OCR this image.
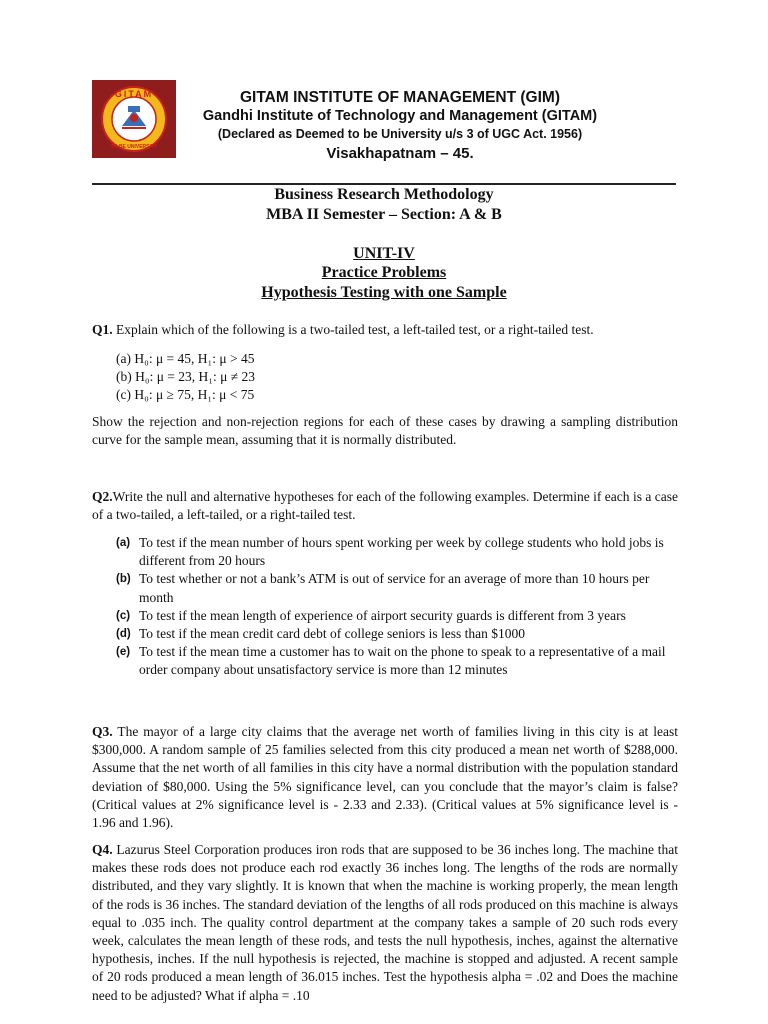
GITAM
TO BE UNIVERSITY
GITAM INSTITUTE OF MANAGEMENT (GIM)
Gandhi Institute of Technology and Management (GITAM)
(Declared as Deemed to be University u/s 3 of UGC Act. 1956)
Visakhapatnam – 45.
Business Research Methodology
MBA II Semester – Section: A & B
UNIT-IV
Practice Problems
Hypothesis Testing with one Sample
Q1. Explain which of the following is a two-tailed test, a left-tailed test, or a right-tailed test.
(a) H₀: μ = 45, H₁: μ > 45
(b) H₀: μ = 23, H₁: μ ≠ 23
(c) H₀: μ ≥ 75, H₁: μ < 75
Show the rejection and non-rejection regions for each of these cases by drawing a sampling distribution curve for the sample mean, assuming that it is normally distributed.
Q2.Write the null and alternative hypotheses for each of the following examples. Determine if each is a case of a two-tailed, a left-tailed, or a right-tailed test.
(a) To test if the mean number of hours spent working per week by college students who hold jobs is different from 20 hours
(b) To test whether or not a bank’s ATM is out of service for an average of more than 10 hours per month
(c) To test if the mean length of experience of airport security guards is different from 3 years
(d) To test if the mean credit card debt of college seniors is less than $1000
(e) To test if the mean time a customer has to wait on the phone to speak to a representative of a mail order company about unsatisfactory service is more than 12 minutes
Q3. The mayor of a large city claims that the average net worth of families living in this city is at least $300,000. A random sample of 25 families selected from this city produced a mean net worth of $288,000. Assume that the net worth of all families in this city have a normal distribution with the population standard deviation of $80,000. Using the 5% significance level, can you conclude that the mayor’s claim is false? (Critical values at 2% significance level is - 2.33 and 2.33). (Critical values at 5% significance level is - 1.96 and 1.96).
Q4. Lazurus Steel Corporation produces iron rods that are supposed to be 36 inches long. The machine that makes these rods does not produce each rod exactly 36 inches long. The lengths of the rods are normally distributed, and they vary slightly. It is known that when the machine is working properly, the mean length of the rods is 36 inches. The standard deviation of the lengths of all rods produced on this machine is always equal to .035 inch. The quality control department at the company takes a sample of 20 such rods every week, calculates the mean length of these rods, and tests the null hypothesis, inches, against the alternative hypothesis, inches. If the null hypothesis is rejected, the machine is stopped and adjusted. A recent sample of 20 rods produced a mean length of 36.015 inches. Test the hypothesis alpha = .02 and Does the machine need to be adjusted? What if alpha = .10
